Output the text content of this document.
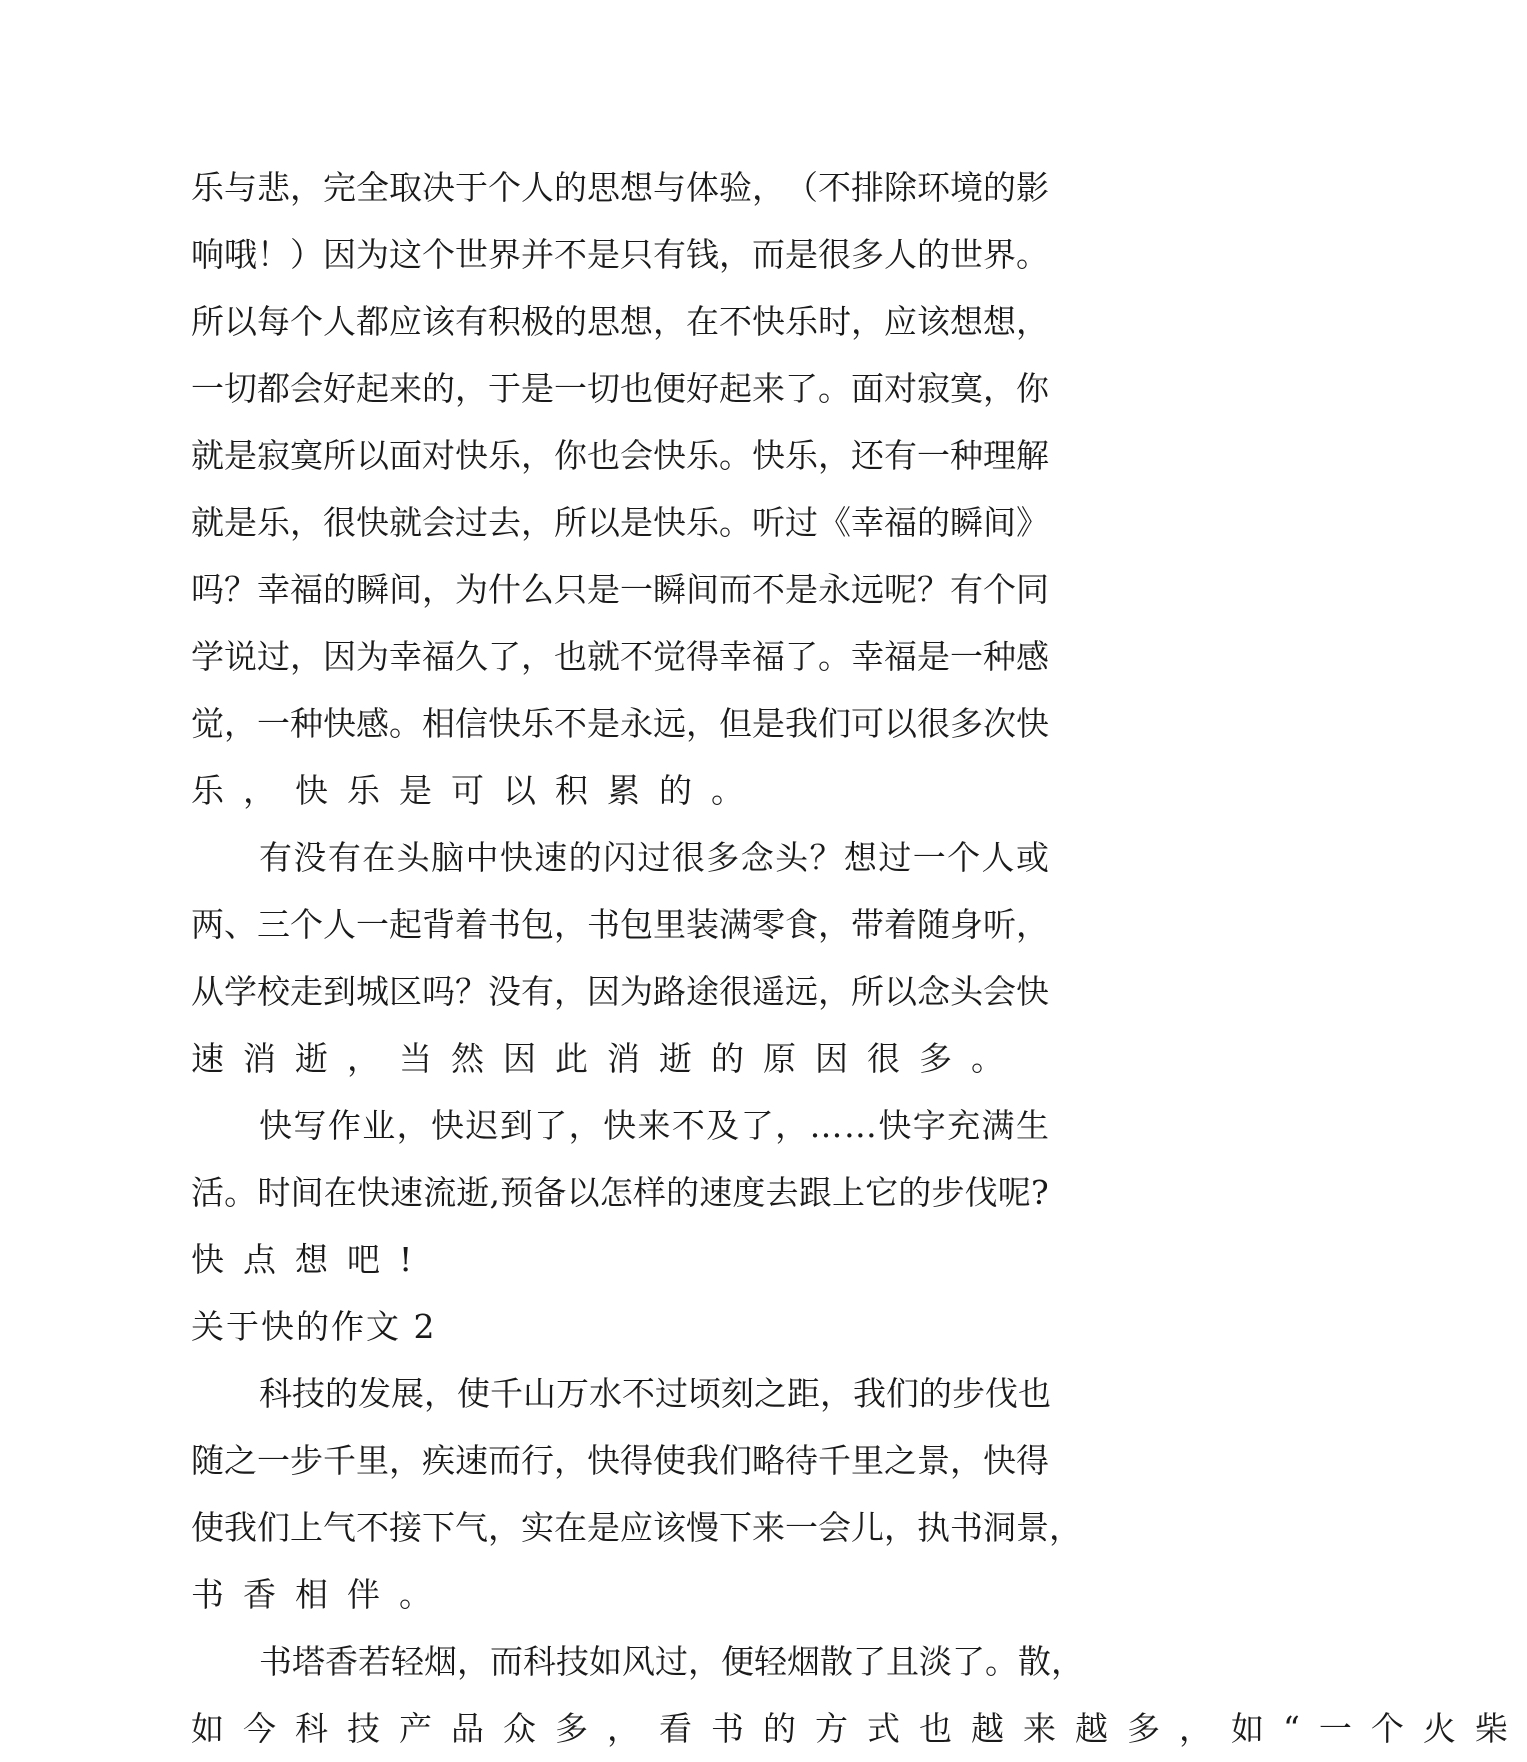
乐 与 悲 ， 完 全 取 决 于 个 人 的 思 想 与 体 验 ， （ 不 排 除 环 境 的 影
响 哦 ！ ） 因 为 这 个 世 界 并 不 是 只 有 钱 ， 而 是 很 多 人 的 世 界 。
所 以 每 个 人 都 应 该 有 积 极 的 思 想 ， 在 不 快 乐 时 ， 应 该 想 想 ，
一 切 都 会 好 起 来 的 ， 于 是 一 切 也 便 好 起 来 了 。 面 对 寂 寞 ， 你
就 是 寂 寞 所 以 面 对 快 乐 ， 你 也 会 快 乐 。 快 乐 ， 还 有 一 种 理 解
就 是 乐 ， 很 快 就 会 过 去 ， 所 以 是 快 乐 。 听 过 《 幸 福 的 瞬 间 》
吗 ？ 幸 福 的 瞬 间 ， 为 什 么 只 是 一 瞬 间 而 不 是 永 远 呢 ？ 有 个 同
学 说 过 ， 因 为 幸 福 久 了 ， 也 就 不 觉 得 幸 福 了 。 幸 福 是 一 种 感
觉 ， 一 种 快 感 。 相 信 快 乐 不 是 永 远 ， 但 是 我 们 可 以 很 多 次 快
乐 ， 快 乐 是 可 以 积 累 的 。
有 没 有 在 头 脑 中 快 速 的 闪 过 很 多 念 头 ？ 想 过 一 个 人 或
两 、 三 个 人 一 起 背 着 书 包 ， 书 包 里 装 满 零 食 ， 带 着 随 身 听 ，
从 学 校 走 到 城 区 吗 ？ 没 有 ， 因 为 路 途 很 遥 远 ， 所 以 念 头 会 快
速 消 逝 ， 当 然 因 此 消 逝 的 原 因 很 多 。
快 写 作 业 ， 快 迟 到 了 ， 快 来 不 及 了 ， … … 快 字 充 满 生
活 。 时 间 在 快 速 流 逝 , 预 备 以 怎 样 的 速 度 去 跟 上 它 的 步 伐 呢 ?
快 点 想 吧 !
关于快的作文 2
科 技 的 发 展 ， 使 千 山 万 水 不 过 顷 刻 之 距 ， 我 们 的 步 伐 也
随 之 一 步 千 里 ， 疾 速 而 行 ， 快 得 使 我 们 略 待 千 里 之 景 ， 快 得
使 我 们 上 气 不 接 下 气 ， 实 在 是 应 该 慢 下 来 一 会 儿 ， 执 书 洞 景 ，
书 香 相 伴 。
书 塔 香 若 轻 烟 ， 而 科 技 如 风 过 ， 便 轻 烟 散 了 且 淡 了 。 散 ，
如 今 科 技 产 品 众 多 ， 看 书 的 方 式 也 越 来 越 多 ， 如 “ 一 个 火 柴
